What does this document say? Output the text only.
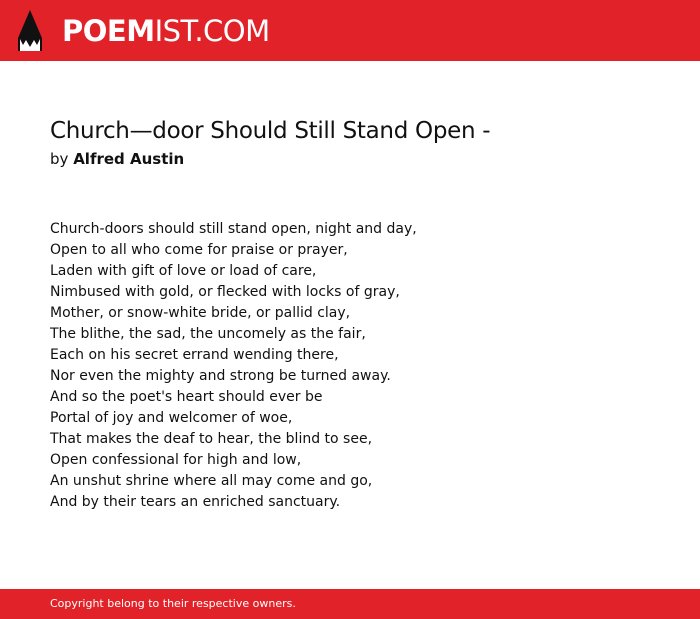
POEMIST.COM
Church—door Should Still Stand Open -
by Alfred Austin
Church-doors should still stand open, night and day,
Open to all who come for praise or prayer,
Laden with gift of love or load of care,
Nimbused with gold, or flecked with locks of gray,
Mother, or snow-white bride, or pallid clay,
The blithe, the sad, the uncomely as the fair,
Each on his secret errand wending there,
Nor even the mighty and strong be turned away.
And so the poet's heart should ever be
Portal of joy and welcomer of woe,
That makes the deaf to hear, the blind to see,
Open confessional for high and low,
An unshut shrine where all may come and go,
And by their tears an enriched sanctuary.
Copyright belong to their respective owners.
